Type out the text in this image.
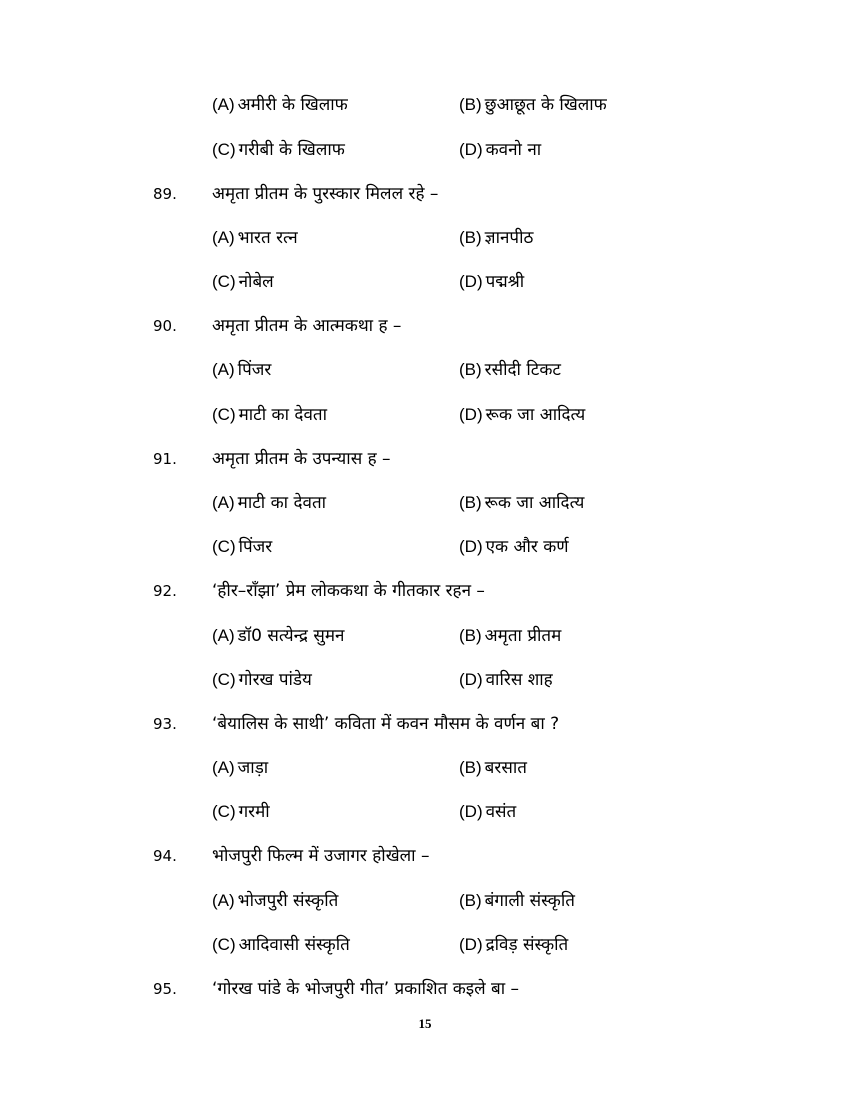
(A) अमीरी के खिलाफ	(B) छुआछूत के खिलाफ
(C) गरीबी के खिलाफ	(D) कवनो ना
89. अमृता प्रीतम के पुरस्कार मिलल रहे –
(A) भारत रत्न	(B) ज्ञानपीठ
(C) नोबेल	(D) पद्मश्री
90. अमृता प्रीतम के आत्मकथा ह –
(A) पिंजर	(B) रसीदी टिकट
(C) माटी का देवता	(D) रूक जा आदित्य
91. अमृता प्रीतम के उपन्यास ह –
(A) माटी का देवता	(B) रूक जा आदित्य
(C) पिंजर	(D) एक और कर्ण
92. ‘हीर–राँझा’ प्रेम लोककथा के गीतकार रहन –
(A) डॉ0 सत्येन्द्र सुमन	(B) अमृता प्रीतम
(C) गोरख पांडेय	(D) वारिस शाह
93. ‘बेयालिस के साथी’ कविता में कवन मौसम के वर्णन बा ?
(A) जाड़ा	(B) बरसात
(C) गरमी	(D) वसंत
94. भोजपुरी फिल्म में उजागर होखेला –
(A) भोजपुरी संस्कृति	(B) बंगाली संस्कृति
(C) आदिवासी संस्कृति	(D) द्रविड़ संस्कृति
95. ‘गोरख पांडे के भोजपुरी गीत’ प्रकाशित कइले बा –
15
